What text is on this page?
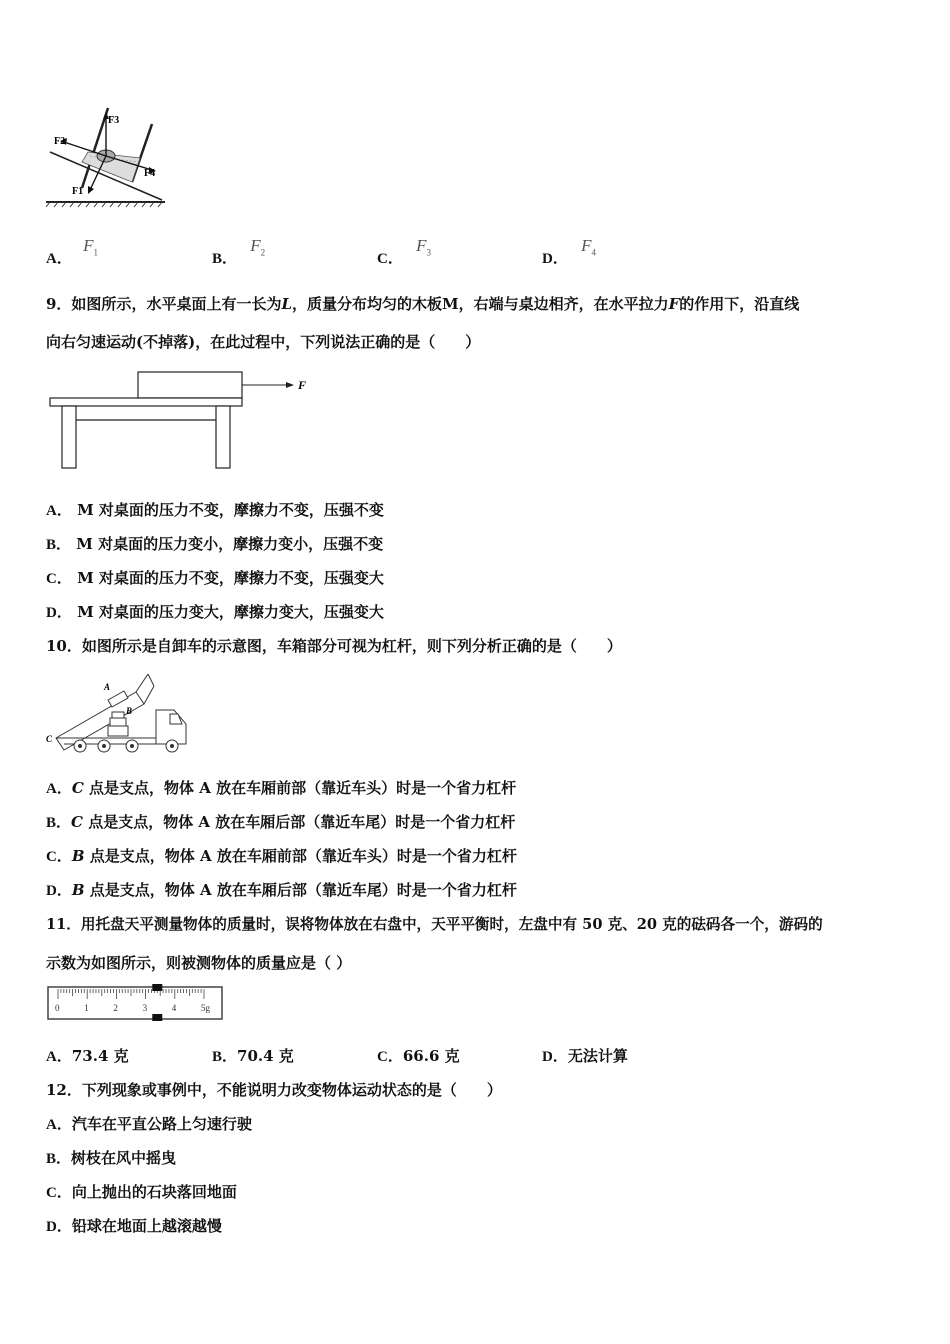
F3
F2
F1
F4
A． $F_1$	B． $F_2$	C． $F_3$	D． $F_4$
9．如图所示，水平桌面上有一长为L，质量分布均匀的木板M，右端与桌边相齐，在水平拉力F的作用下，沿直线
向右匀速运动(不掉落)，在此过程中，下列说法正确的是（　　）
F
A． M 对桌面的压力不变，摩擦力不变，压强不变
B． M 对桌面的压力变小，摩擦力变小，压强不变
C． M 对桌面的压力不变，摩擦力不变，压强变大
D． M 对桌面的压力变大，摩擦力变大，压强变大
10．如图所示是自卸车的示意图，车箱部分可视为杠杆，则下列分析正确的是（　　）
A
B
C
A．C 点是支点，物体 A 放在车厢前部（靠近车头）时是一个省力杠杆
B．C 点是支点，物体 A 放在车厢后部（靠近车尾）时是一个省力杠杆
C．B 点是支点，物体 A 放在车厢前部（靠近车头）时是一个省力杠杆
D．B 点是支点，物体 A 放在车厢后部（靠近车尾）时是一个省力杠杆
11．用托盘天平测量物体的质量时，误将物体放在右盘中，天平平衡时，左盘中有 50 克、20 克的砝码各一个，游码的
示数为如图所示，则被测物体的质量应是（ ）
0	1	2	3	4	5g
A．73.4 克	B．70.4 克	C．66.6 克	D．无法计算
12．下列现象或事例中，不能说明力改变物体运动状态的是（　　）
A．汽车在平直公路上匀速行驶
B．树枝在风中摇曳
C．向上抛出的石块落回地面
D．铅球在地面上越滚越慢
